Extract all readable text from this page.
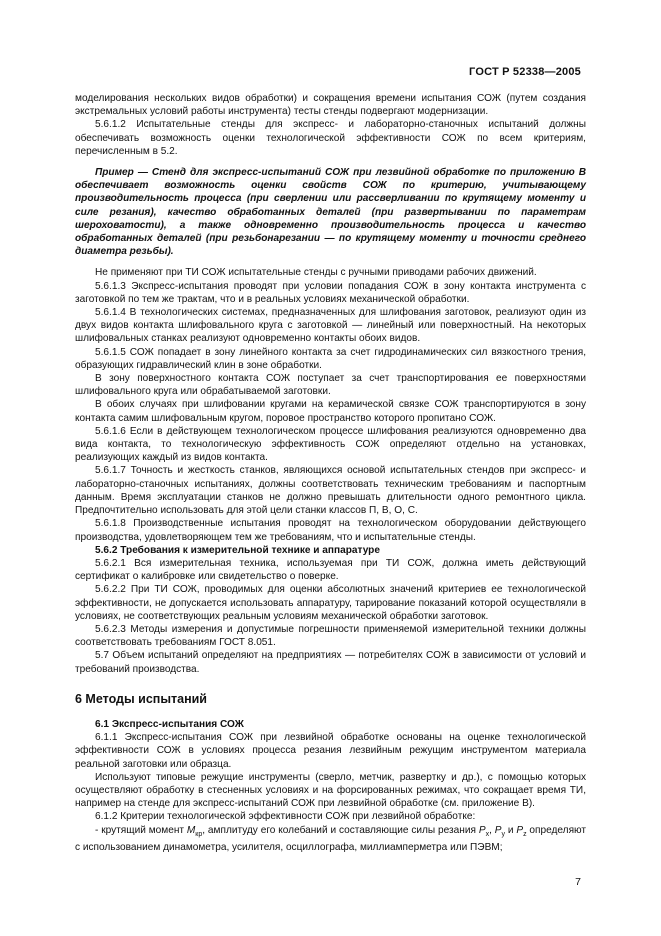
ГОСТ Р 52338—2005

моделирования нескольких видов обработки) и сокращения времени испытания СОЖ (путем создания экстремальных условий работы инструмента) тесты стенды подвергают модернизации.

5.6.1.2 Испытательные стенды для экспресс- и лабораторно-станочных испытаний должны обеспечивать возможность оценки технологической эффективности СОЖ по всем критериям, перечисленным в 5.2.

Пример — Стенд для экспресс-испытаний СОЖ при лезвийной обработке по приложению В обеспечивает возможность оценки свойств СОЖ по критерию, учитывающему производительность процесса (при сверлении или рассверливании по крутящему моменту и силе резания), качество обработанных деталей (при развертывании по параметрам шероховатости), а также одновременно производительность процесса и качество обработанных деталей (при резьбонарезании — по крутящему моменту и точности среднего диаметра резьбы).

Не применяют при ТИ СОЖ испытательные стенды с ручными приводами рабочих движений.

5.6.1.3 Экспресс-испытания проводят при условии попадания СОЖ в зону контакта инструмента с заготовкой по тем же трактам, что и в реальных условиях механической обработки.

5.6.1.4 В технологических системах, предназначенных для шлифования заготовок, реализуют один из двух видов контакта шлифовального круга с заготовкой — линейный или поверхностный. На некоторых шлифовальных станках реализуют одновременно контакты обоих видов.

5.6.1.5 СОЖ попадает в зону линейного контакта за счет гидродинамических сил вязкостного трения, образующих гидравлический клин в зоне обработки.

В зону поверхностного контакта СОЖ поступает за счет транспортирования ее поверхностями шлифовального круга или обрабатываемой заготовки.

В обоих случаях при шлифовании кругами на керамической связке СОЖ транспортируются в зону контакта самим шлифовальным кругом, поровое пространство которого пропитано СОЖ.

5.6.1.6 Если в действующем технологическом процессе шлифования реализуются одновременно два вида контакта, то технологическую эффективность СОЖ определяют отдельно на установках, реализующих каждый из видов контакта.

5.6.1.7 Точность и жесткость станков, являющихся основой испытательных стендов при экспресс- и лабораторно-станочных испытаниях, должны соответствовать техническим требованиям и паспортным данным. Время эксплуатации станков не должно превышать длительности одного ремонтного цикла. Предпочтительно использовать для этой цели станки классов П, В, О, С.

5.6.1.8 Производственные испытания проводят на технологическом оборудовании действующего производства, удовлетворяющем тем же требованиям, что и испытательные стенды.

5.6.2 Требования к измерительной технике и аппаратуре

5.6.2.1 Вся измерительная техника, используемая при ТИ СОЖ, должна иметь действующий сертификат о калибровке или свидетельство о поверке.

5.6.2.2 При ТИ СОЖ, проводимых для оценки абсолютных значений критериев ее технологической эффективности, не допускается использовать аппаратуру, тарирование показаний которой осуществляли в условиях, не соответствующих реальным условиям механической обработки заготовок.

5.6.2.3 Методы измерения и допустимые погрешности применяемой измерительной техники должны соответствовать требованиям ГОСТ 8.051.

5.7 Объем испытаний определяют на предприятиях — потребителях СОЖ в зависимости от условий и требований производства.

6 Методы испытаний

6.1 Экспресс-испытания СОЖ

6.1.1 Экспресс-испытания СОЖ при лезвийной обработке основаны на оценке технологической эффективности СОЖ в условиях процесса резания лезвийным режущим инструментом материала реальной заготовки или образца.

Используют типовые режущие инструменты (сверло, метчик, развертку и др.), с помощью которых осуществляют обработку в стесненных условиях и на форсированных режимах, что сокращает время ТИ, например на стенде для экспресс-испытаний СОЖ при лезвийной обработке (см. приложение В).

6.1.2 Критерии технологической эффективности СОЖ при лезвийной обработке:

- крутящий момент $M_{кр}$, амплитуду его колебаний и составляющие силы резания $P_x$, $P_y$ и $P_z$ определяют с использованием динамометра, усилителя, осциллографа, миллиамперметра или ПЭВМ;

7
